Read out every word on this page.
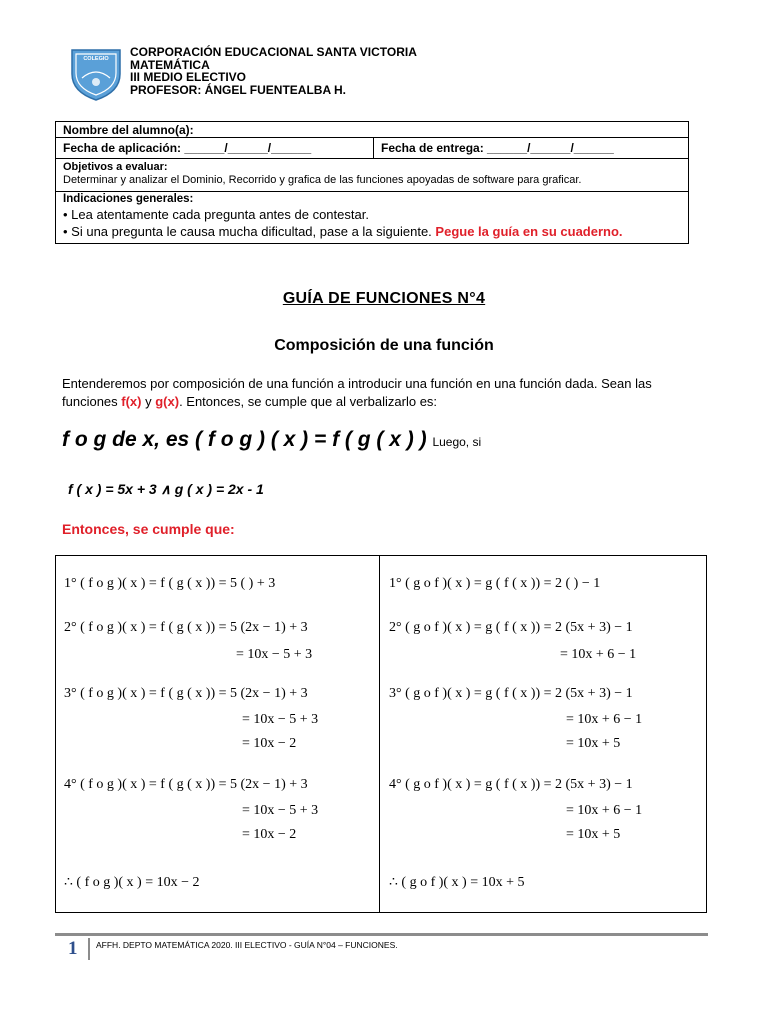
COLEGIO CORPORACIÓN EDUCACIONAL SANTA VICTORIA
MATEMÁTICA
III MEDIO ELECTIVO
PROFESOR: ÁNGEL FUENTEALBA H.
Nombre del alumno(a):
Fecha de aplicación: ______/______/______	Fecha de entrega: ______/______/______
Objetivos a evaluar:
Determinar y analizar el Dominio, Recorrido y grafica de las funciones apoyadas de software para graficar.
Indicaciones generales:
• Lea atentamente cada pregunta antes de contestar.
• Si una pregunta le causa mucha dificultad, pase a la siguiente. Pegue la guía en su cuaderno.
GUÍA DE FUNCIONES N°4
Composición de una función
Entenderemos por composición de una función a introducir una función en una función dada. Sean las funciones f(x) y g(x). Entonces, se cumple que al verbalizarlo es:
f o g de x, es ( f o g ) ( x ) = f ( g ( x ) ) Luego, si
f ( x ) = 5x + 3 ∧ g ( x ) = 2x - 1
Entonces, se cumple que:
1° ( f o g )( x ) = f ( g ( x )) = 5 ( ) + 3
2° ( f o g )( x ) = f ( g ( x )) = 5 (2x − 1) + 3
= 10x − 5 + 3
3° ( f o g )( x ) = f ( g ( x )) = 5 (2x − 1) + 3
= 10x − 5 + 3
= 10x − 2
4° ( f o g )( x ) = f ( g ( x )) = 5 (2x − 1) + 3
= 10x − 5 + 3
= 10x − 2
∴ ( f o g )( x ) = 10x − 2
1° ( g o f )( x ) = g ( f ( x )) = 2 ( ) − 1
2° ( g o f )( x ) = g ( f ( x )) = 2 (5x + 3) − 1
= 10x + 6 − 1
3° ( g o f )( x ) = g ( f ( x )) = 2 (5x + 3) − 1
= 10x + 6 − 1
= 10x + 5
4° ( g o f )( x ) = g ( f ( x )) = 2 (5x + 3) − 1
= 10x + 6 − 1
= 10x + 5
∴ ( g o f )( x ) = 10x + 5
1 AFFH. DEPTO MATEMÁTICA 2020. III ELECTIVO - GUÍA N°04 – FUNCIONES.
